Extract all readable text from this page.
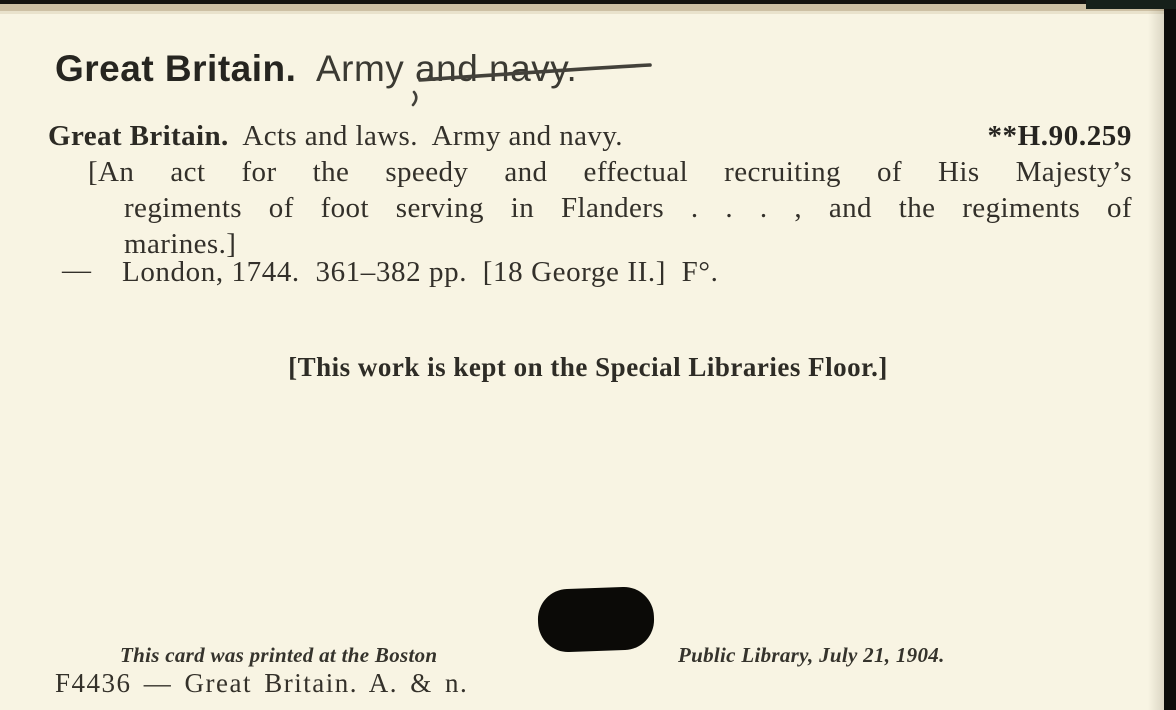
Great Britain. Army and navy.
Great Britain.  Acts and laws.  Army and navy.	**H.90.259
[An act for the speedy and effectual recruiting of His Majesty’s
regiments of foot serving in Flanders . . . , and the regiments of
marines.]
— London, 1744.  361–382 pp.  [18 George II.]  F°.
[This work is kept on the Special Libraries Floor.]
This card was printed at the Boston	Public Library, July 21, 1904.
F4436 — Great Britain. A. & n.
